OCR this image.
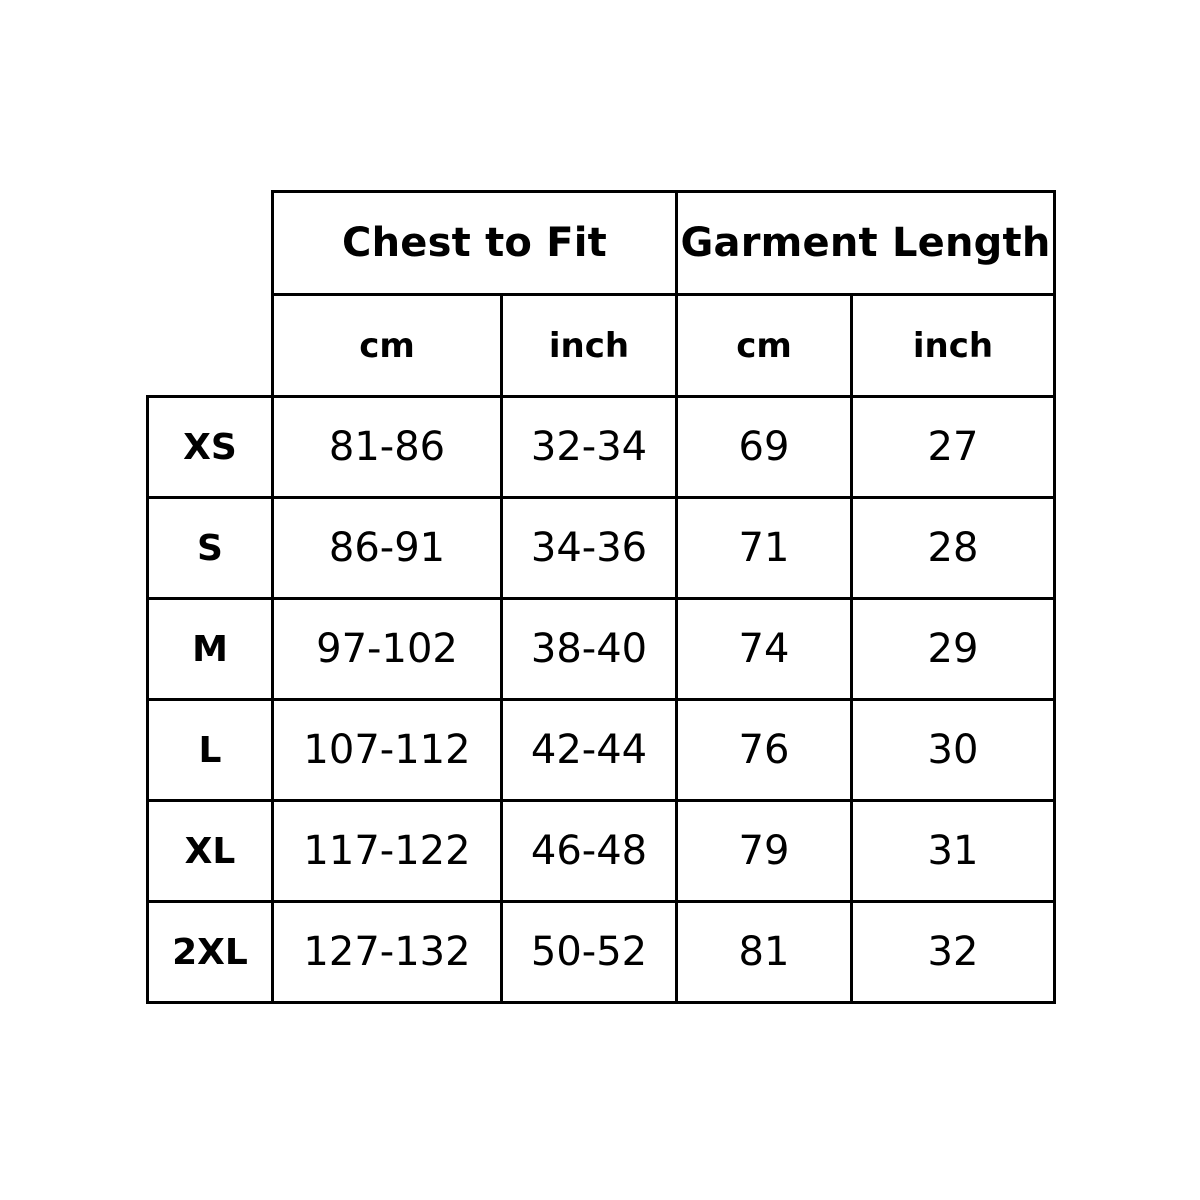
	Chest to Fit		Garment Length	
	cm	inch	cm	inch
XS	81-86	32-34	69	27
S	86-91	34-36	71	28
M	97-102	38-40	74	29
L	107-112	42-44	76	30
XL	117-122	46-48	79	31
2XL	127-132	50-52	81	32
